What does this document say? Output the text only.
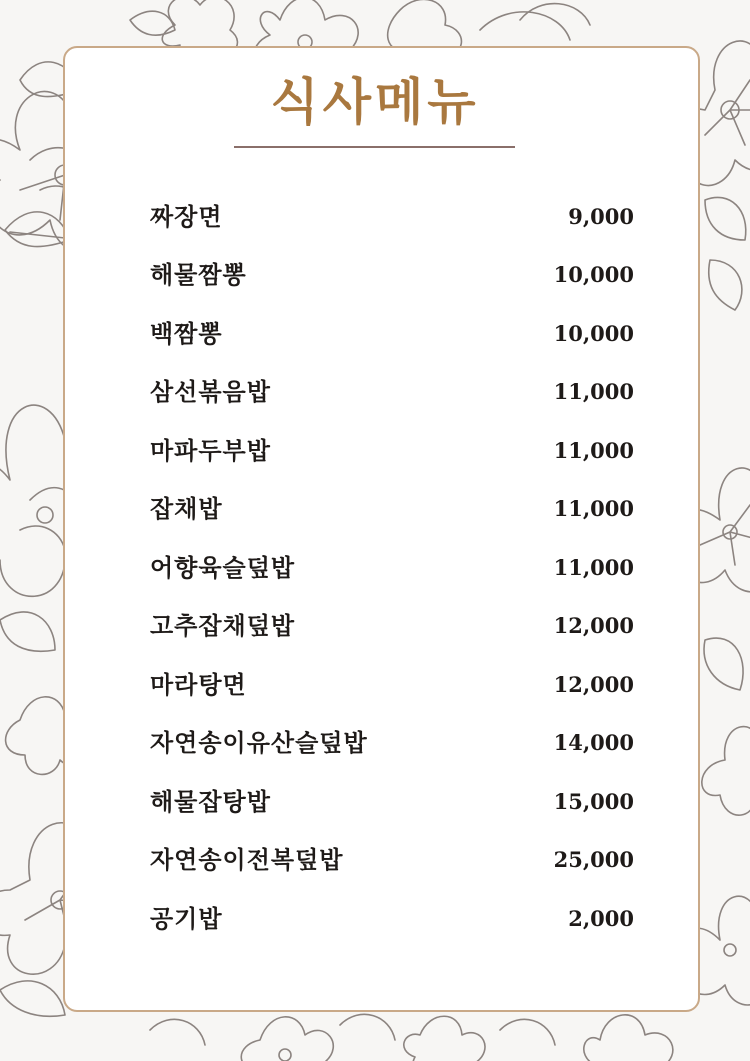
식사메뉴
짜장면	9,000
해물짬뽕	10,000
백짬뽕	10,000
삼선볶음밥	11,000
마파두부밥	11,000
잡채밥	11,000
어향육슬덮밥	11,000
고추잡채덮밥	12,000
마라탕면	12,000
자연송이유산슬덮밥	14,000
해물잡탕밥	15,000
자연송이전복덮밥	25,000
공기밥	2,000
